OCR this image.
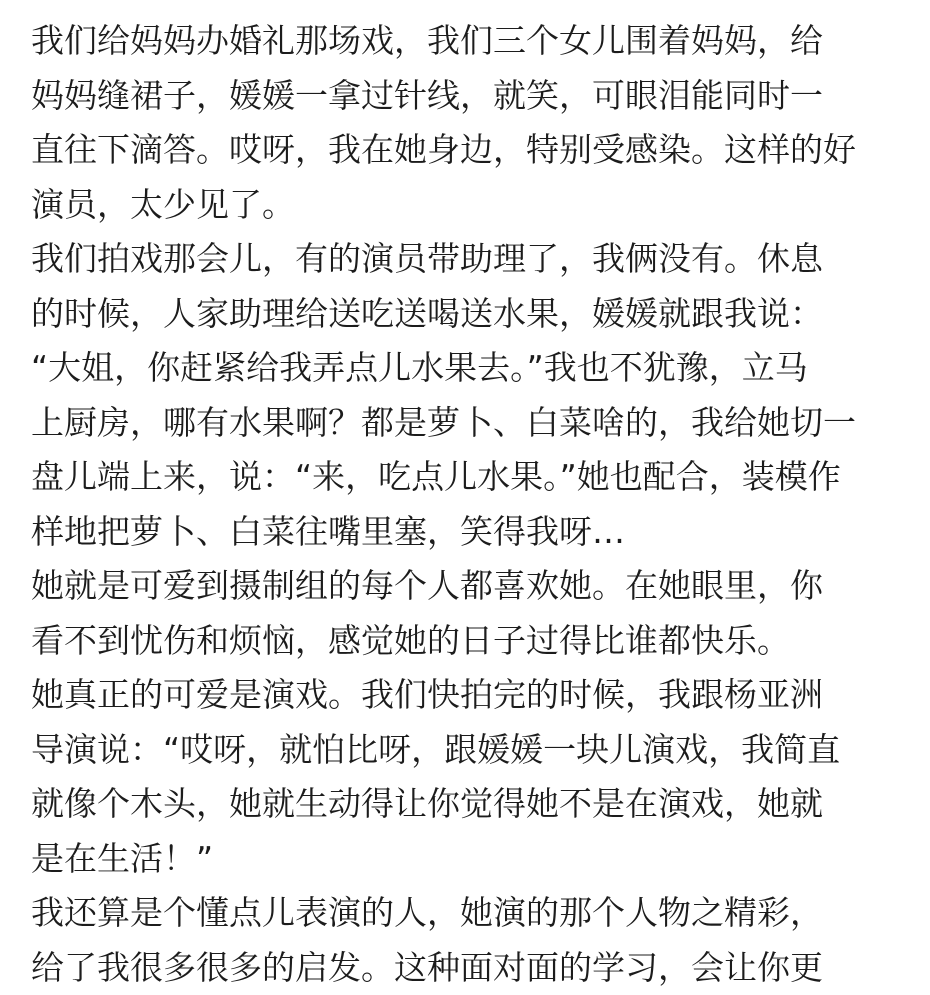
我们给妈妈办婚礼那场戏，我们三个女儿围着妈妈，给
妈妈缝裙子，媛媛一拿过针线，就笑，可眼泪能同时一
直往下滴答。哎呀，我在她身边，特别受感染。这样的好
演员，太少见了。
我们拍戏那会儿，有的演员带助理了，我俩没有。休息
的时候，人家助理给送吃送喝送水果，媛媛就跟我说：
“大姐，你赶紧给我弄点儿水果去。”我也不犹豫，立马
上厨房，哪有水果啊？都是萝卜、白菜啥的，我给她切一
盘儿端上来，说：“来，吃点儿水果。”她也配合，装模作
样地把萝卜、白菜往嘴里塞，笑得我呀…
她就是可爱到摄制组的每个人都喜欢她。在她眼里，你
看不到忧伤和烦恼，感觉她的日子过得比谁都快乐。
她真正的可爱是演戏。我们快拍完的时候，我跟杨亚洲
导演说：“哎呀，就怕比呀，跟媛媛一块儿演戏，我简直
就像个木头，她就生动得让你觉得她不是在演戏，她就
是在生活！”
我还算是个懂点儿表演的人，她演的那个人物之精彩，
给了我很多很多的启发。这种面对面的学习，会让你更
